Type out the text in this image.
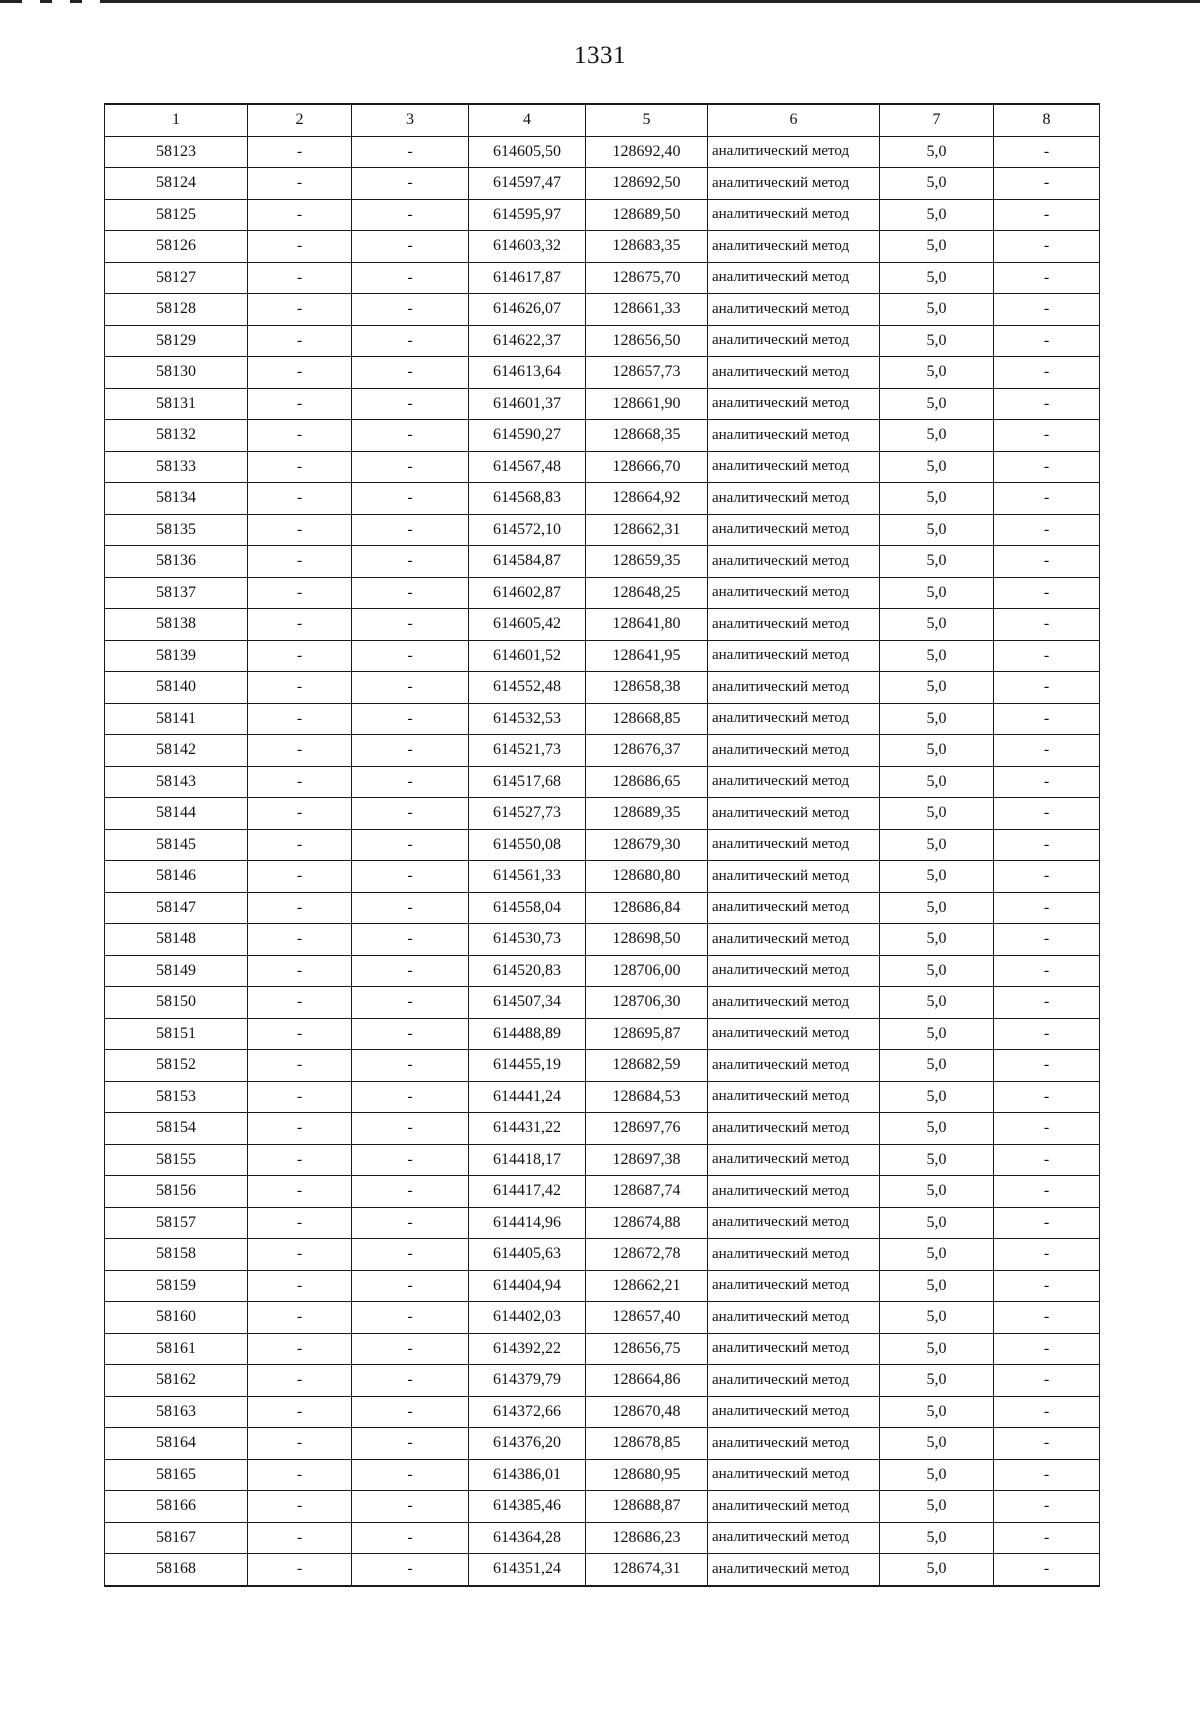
1331
1	2	3	4	5	6	7	8
58123	-	-	614605,50	128692,40	аналитический метод	5,0	-
58124	-	-	614597,47	128692,50	аналитический метод	5,0	-
58125	-	-	614595,97	128689,50	аналитический метод	5,0	-
58126	-	-	614603,32	128683,35	аналитический метод	5,0	-
58127	-	-	614617,87	128675,70	аналитический метод	5,0	-
58128	-	-	614626,07	128661,33	аналитический метод	5,0	-
58129	-	-	614622,37	128656,50	аналитический метод	5,0	-
58130	-	-	614613,64	128657,73	аналитический метод	5,0	-
58131	-	-	614601,37	128661,90	аналитический метод	5,0	-
58132	-	-	614590,27	128668,35	аналитический метод	5,0	-
58133	-	-	614567,48	128666,70	аналитический метод	5,0	-
58134	-	-	614568,83	128664,92	аналитический метод	5,0	-
58135	-	-	614572,10	128662,31	аналитический метод	5,0	-
58136	-	-	614584,87	128659,35	аналитический метод	5,0	-
58137	-	-	614602,87	128648,25	аналитический метод	5,0	-
58138	-	-	614605,42	128641,80	аналитический метод	5,0	-
58139	-	-	614601,52	128641,95	аналитический метод	5,0	-
58140	-	-	614552,48	128658,38	аналитический метод	5,0	-
58141	-	-	614532,53	128668,85	аналитический метод	5,0	-
58142	-	-	614521,73	128676,37	аналитический метод	5,0	-
58143	-	-	614517,68	128686,65	аналитический метод	5,0	-
58144	-	-	614527,73	128689,35	аналитический метод	5,0	-
58145	-	-	614550,08	128679,30	аналитический метод	5,0	-
58146	-	-	614561,33	128680,80	аналитический метод	5,0	-
58147	-	-	614558,04	128686,84	аналитический метод	5,0	-
58148	-	-	614530,73	128698,50	аналитический метод	5,0	-
58149	-	-	614520,83	128706,00	аналитический метод	5,0	-
58150	-	-	614507,34	128706,30	аналитический метод	5,0	-
58151	-	-	614488,89	128695,87	аналитический метод	5,0	-
58152	-	-	614455,19	128682,59	аналитический метод	5,0	-
58153	-	-	614441,24	128684,53	аналитический метод	5,0	-
58154	-	-	614431,22	128697,76	аналитический метод	5,0	-
58155	-	-	614418,17	128697,38	аналитический метод	5,0	-
58156	-	-	614417,42	128687,74	аналитический метод	5,0	-
58157	-	-	614414,96	128674,88	аналитический метод	5,0	-
58158	-	-	614405,63	128672,78	аналитический метод	5,0	-
58159	-	-	614404,94	128662,21	аналитический метод	5,0	-
58160	-	-	614402,03	128657,40	аналитический метод	5,0	-
58161	-	-	614392,22	128656,75	аналитический метод	5,0	-
58162	-	-	614379,79	128664,86	аналитический метод	5,0	-
58163	-	-	614372,66	128670,48	аналитический метод	5,0	-
58164	-	-	614376,20	128678,85	аналитический метод	5,0	-
58165	-	-	614386,01	128680,95	аналитический метод	5,0	-
58166	-	-	614385,46	128688,87	аналитический метод	5,0	-
58167	-	-	614364,28	128686,23	аналитический метод	5,0	-
58168	-	-	614351,24	128674,31	аналитический метод	5,0	-
